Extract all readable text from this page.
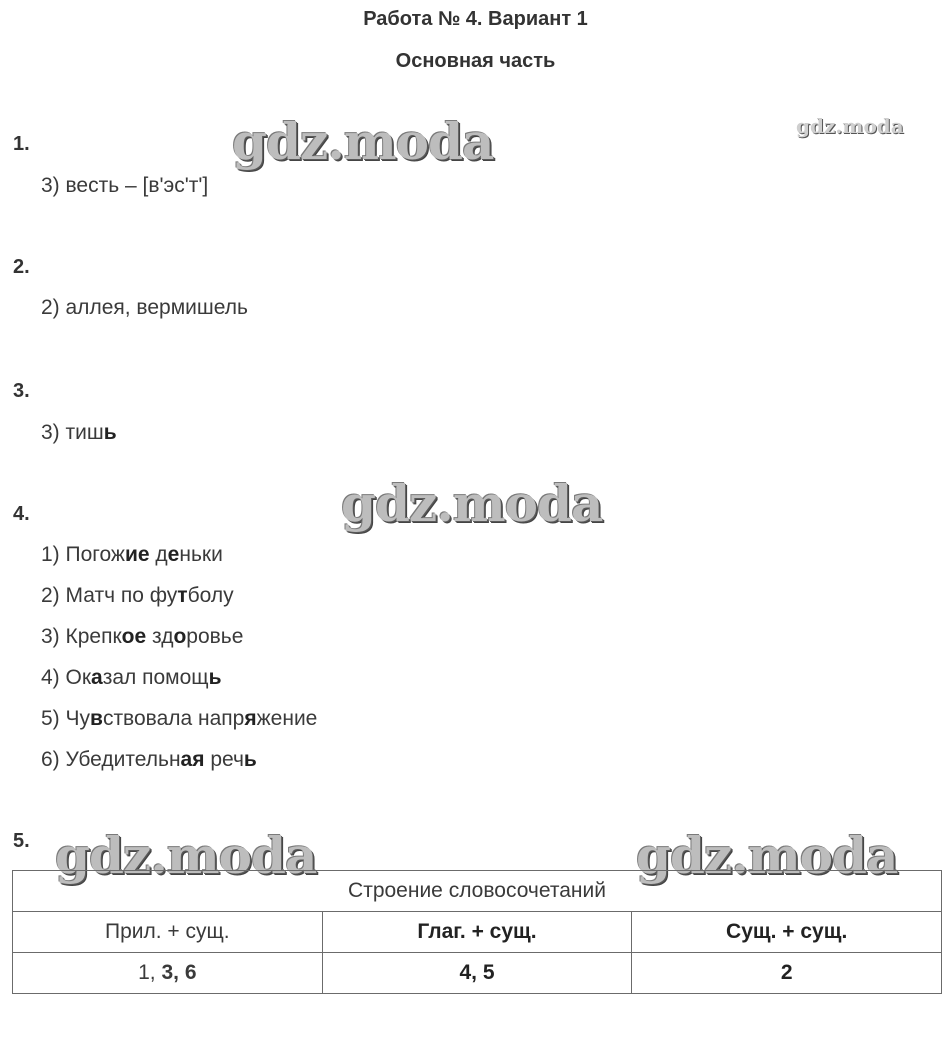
Работа № 4. Вариант 1
Основная часть
gdz.moda	gdz.moda
gdz.moda
gdz.moda	gdz.moda
1.
3) весть – [в'эс'т']
2.
2) аллея, вермишель
3.
3) тишь
4.
1) Погожие деньки
2) Матч по футболу
3) Крепкое здоровье
4) Оказал помощь
5) Чувствовала напряжение
6) Убедительная речь
5.
Строение словосочетаний		
Прил. + сущ.	Глаг. + сущ.	Сущ. + сущ.
1, 3, 6	4, 5	2
